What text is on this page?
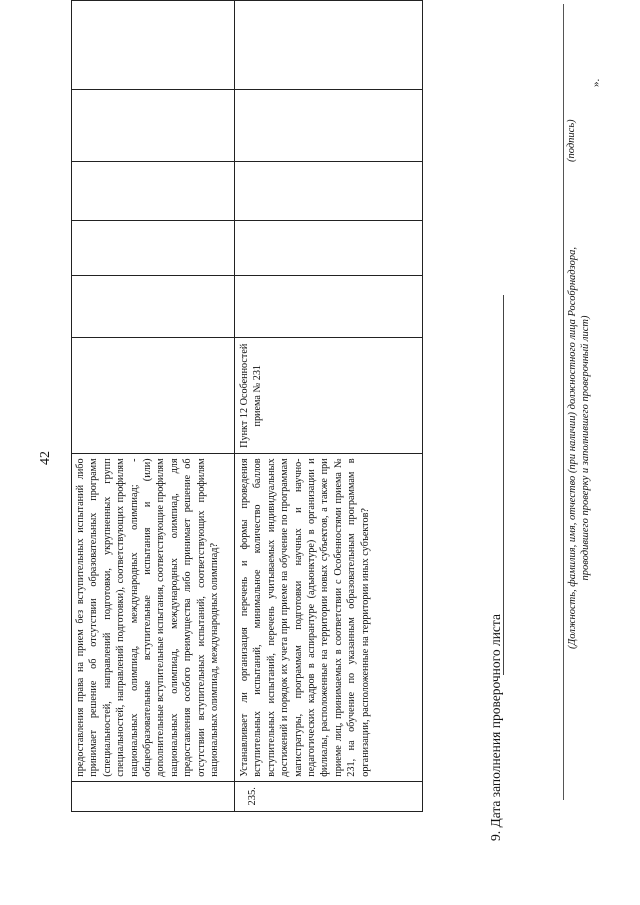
42
	предоставления права на прием без вступительных испытаний либо принимает решение об отсутствии образовательных программ (специальностей, направлений подготовки, укрупненных групп специальностей, направлений подготовки), соответствующих профилям национальных олимпиад, международных олимпиад; - общеобразовательные вступительные испытания и (или) дополнительные вступительные испытания, соответствующие профилям национальных олимпиад, международных олимпиад, для предоставления особого преимущества либо принимает решение об отсутствии вступительных испытаний, соответствующих профилям национальных олимпиад, международных олимпиад?						
235.	Устанавливает ли организация перечень и формы проведения вступительных испытаний, минимальное количество баллов вступительных испытаний, перечень учитываемых индивидуальных достижений и порядок их учета при приеме на обучение по программам магистратуры, программам подготовки научных и научно-педагогических кадров в аспирантуре (адъюнктуре) в организации и филиалы, расположенные на территории новых субъектов, а также при приеме лиц, принимаемых в соответствии с Особенностями приема № 231, на обучение по указанным образовательным программам в организации, расположенные на территории иных субъектов?	Пункт 12 Особенностей приема № 231					
9. Дата заполнения проверочного листа
(Должность, фамилия, имя, отчество (при наличии) должностного лица Рособрнадзора, проводившего проверку и заполнившего проверочный лист)
(подпись)
».
